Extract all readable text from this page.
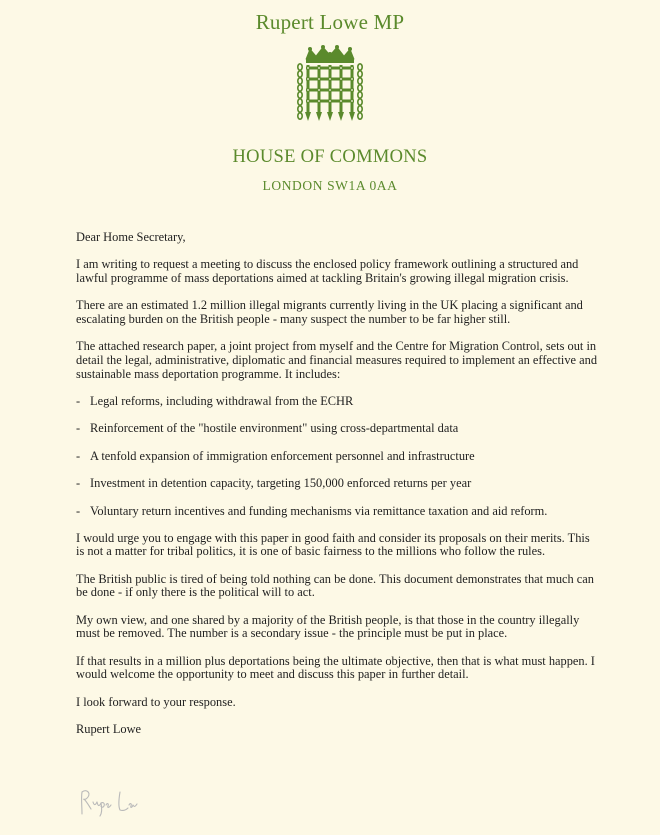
Rupert Lowe MP
HOUSE OF COMMONS
LONDON SW1A 0AA

Dear Home Secretary,

I am writing to request a meeting to discuss the enclosed policy framework outlining a structured and lawful programme of mass deportations aimed at tackling Britain's growing illegal migration crisis.

There are an estimated 1.2 million illegal migrants currently living in the UK placing a significant and escalating burden on the British people - many suspect the number to be far higher still.

The attached research paper, a joint project from myself and the Centre for Migration Control, sets out in detail the legal, administrative, diplomatic and financial measures required to implement an effective and sustainable mass deportation programme. It includes:

- Legal reforms, including withdrawal from the ECHR
- Reinforcement of the "hostile environment" using cross-departmental data
- A tenfold expansion of immigration enforcement personnel and infrastructure
- Investment in detention capacity, targeting 150,000 enforced returns per year
- Voluntary return incentives and funding mechanisms via remittance taxation and aid reform.

I would urge you to engage with this paper in good faith and consider its proposals on their merits. This is not a matter for tribal politics, it is one of basic fairness to the millions who follow the rules.

The British public is tired of being told nothing can be done. This document demonstrates that much can be done - if only there is the political will to act.

My own view, and one shared by a majority of the British people, is that those in the country illegally must be removed. The number is a secondary issue - the principle must be put in place.

If that results in a million plus deportations being the ultimate objective, then that is what must happen. I would welcome the opportunity to meet and discuss this paper in further detail.

I look forward to your response.

Rupert Lowe
